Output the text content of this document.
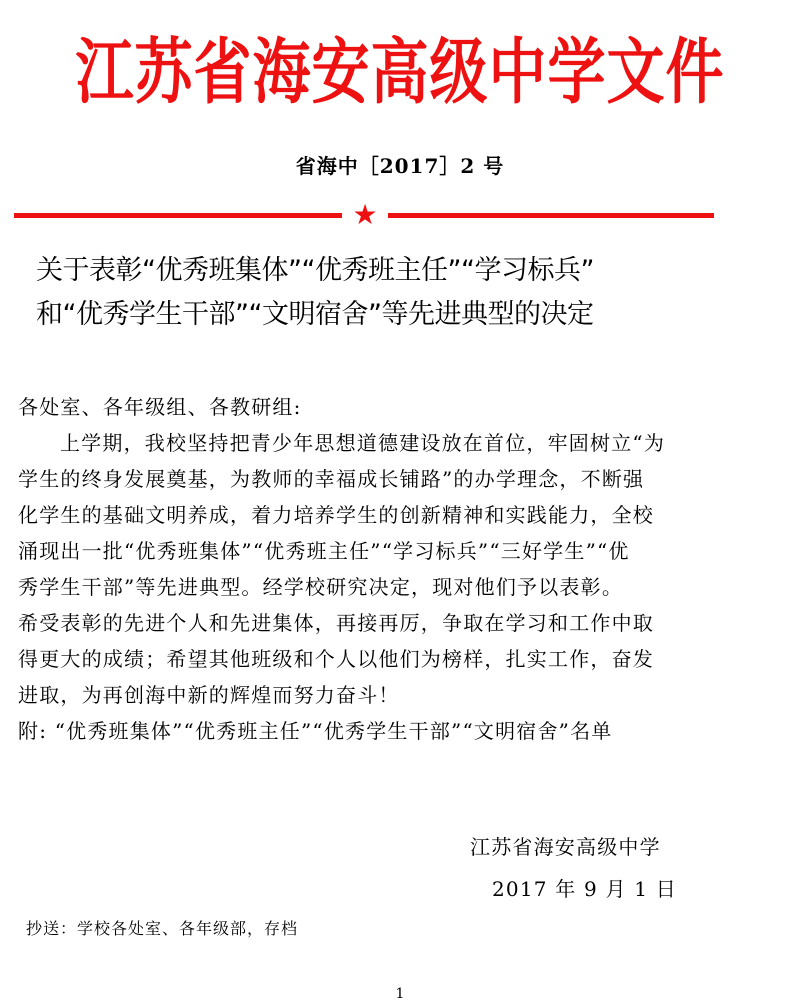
江苏省海安高级中学文件
省海中［2017］2 号
★
关于表彰“优秀班集体”“优秀班主任”“学习标兵”
和“优秀学生干部”“文明宿舍”等先进典型的决定
各处室、各年级组、各教研组:
上学期，我校坚持把青少年思想道德建设放在首位，牢固树立“为
学生的终身发展奠基，为教师的幸福成长铺路”的办学理念，不断强
化学生的基础文明养成，着力培养学生的创新精神和实践能力，全校
涌现出一批“优秀班集体”“优秀班主任”“学习标兵”“三好学生”“优
秀学生干部”等先进典型。经学校研究决定，现对他们予以表彰。
希受表彰的先进个人和先进集体，再接再厉，争取在学习和工作中取
得更大的成绩；希望其他班级和个人以他们为榜样，扎实工作，奋发
进取，为再创海中新的辉煌而努力奋斗！
附: “优秀班集体”“优秀班主任”“优秀学生干部”“文明宿舍”名单
江苏省海安高级中学
2017 年 9 月 1 日
抄送：学校各处室、各年级部，存档
1
